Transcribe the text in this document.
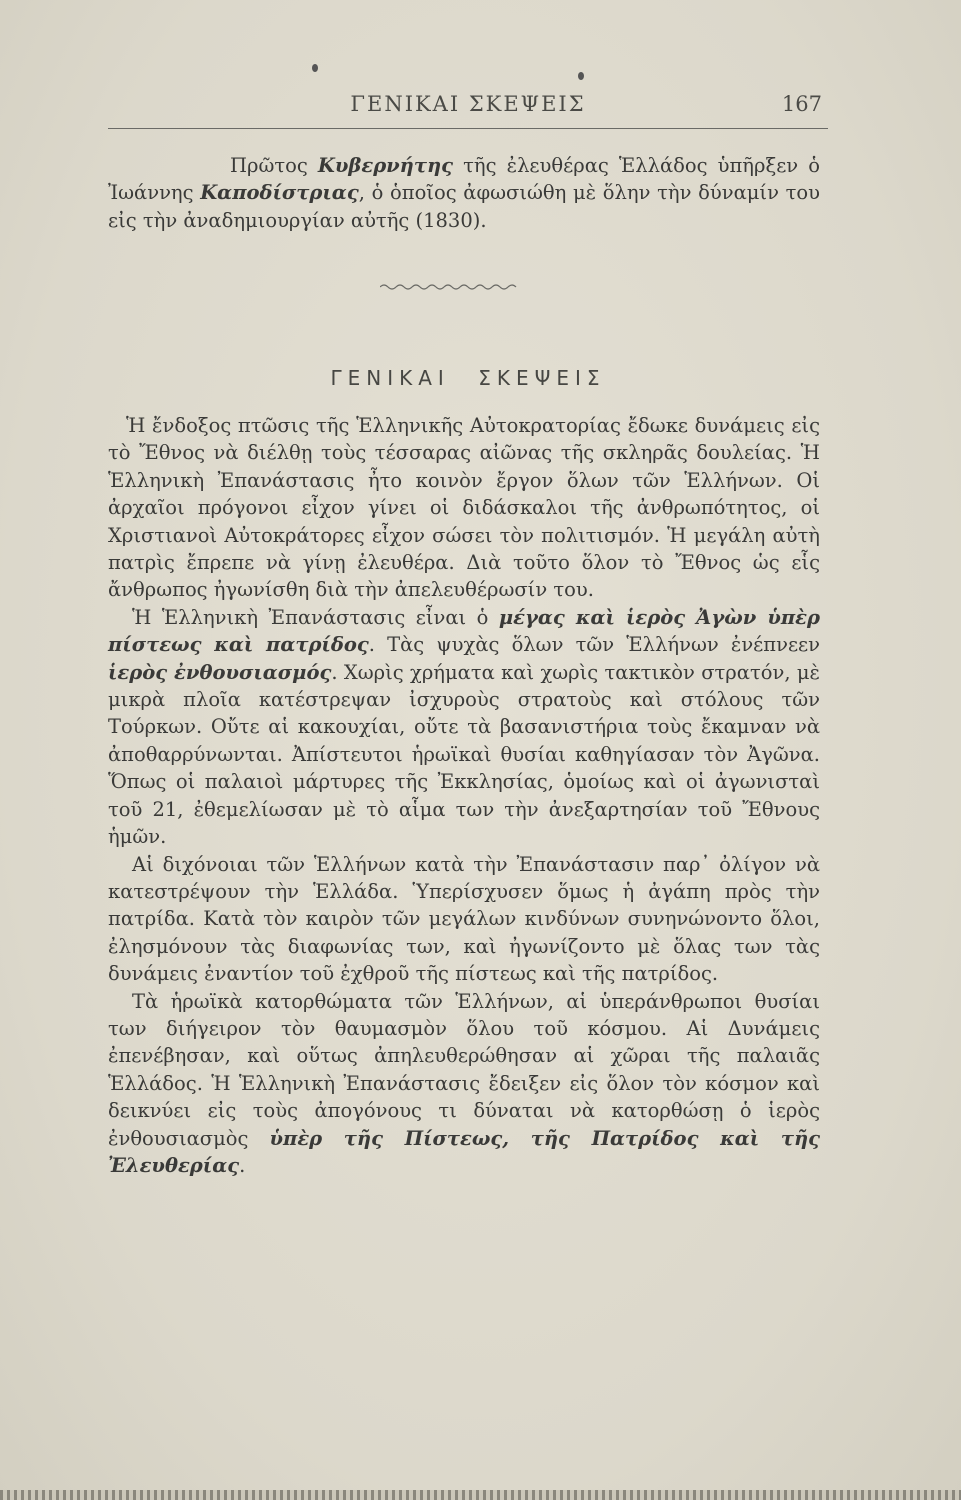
ΓΕΝΙΚΑΙ ΣΚΕΨΕΙΣ	167

Πρῶτος Κυβερνήτης τῆς ἐλευθέρας Ἑλλάδος ὑπῆρξεν ὁ Ἰωάννης Καποδίστριας, ὁ ὁποῖος ἀφωσιώθη μὲ ὅλην τὴν δύναμίν του εἰς τὴν ἀναδημιουργίαν αὐτῆς (1830).

ΓΕΝΙΚΑΙ ΣΚΕΨΕΙΣ

Ἡ ἔνδοξος πτῶσις τῆς Ἑλληνικῆς Αὐτοκρατορίας ἔδωκε δυνάμεις εἰς τὸ Ἔθνος νὰ διέλθῃ τοὺς τέσσαρας αἰῶνας τῆς σκληρᾶς δουλείας. Ἡ Ἑλληνικὴ Ἐπανάστασις ἦτο κοινὸν ἔργον ὅλων τῶν Ἑλλήνων. Οἱ ἀρχαῖοι πρόγονοι εἶχον γίνει οἱ διδάσκαλοι τῆς ἀνθρωπότητος, οἱ Χριστιανοὶ Αὐτοκράτορες εἶχον σώσει τὸν πολιτισμόν. Ἡ μεγάλη αὐτὴ πατρὶς ἔπρεπε νὰ γίνῃ ἐλευθέρα. Διὰ τοῦτο ὅλον τὸ Ἔθνος ὡς εἷς ἄνθρωπος ἠγωνίσθη διὰ τὴν ἀπελευθέρωσίν του.

Ἡ Ἑλληνικὴ Ἐπανάστασις εἶναι ὁ μέγας καὶ ἱερὸς Ἀγὼν ὑπὲρ πίστεως καὶ πατρίδος. Τὰς ψυχὰς ὅλων τῶν Ἑλλήνων ἐνέπνεεν ἱερὸς ἐνθουσιασμός. Χωρὶς χρήματα καὶ χωρὶς τακτικὸν στρατόν, μὲ μικρὰ πλοῖα κατέστρεψαν ἰσχυροὺς στρατοὺς καὶ στόλους τῶν Τούρκων. Οὔτε αἱ κακουχίαι, οὔτε τὰ βασανιστήρια τοὺς ἔκαμναν νὰ ἀποθαρρύνωνται. Ἀπίστευτοι ἡρωϊκαὶ θυσίαι καθηγίασαν τὸν Ἀγῶνα. Ὅπως οἱ παλαιοὶ μάρτυρες τῆς Ἐκκλησίας, ὁμοίως καὶ οἱ ἀγωνισταὶ τοῦ 21, ἐθεμελίωσαν μὲ τὸ αἷμα των τὴν ἀνεξαρτησίαν τοῦ Ἔθνους ἡμῶν.

Αἱ διχόνοιαι τῶν Ἑλλήνων κατὰ τὴν Ἐπανάστασιν παρ᾽ ὀλίγον νὰ κατεστρέψουν τὴν Ἑλλάδα. Ὑπερίσχυσεν ὅμως ἡ ἀγάπη πρὸς τὴν πατρίδα. Κατὰ τὸν καιρὸν τῶν μεγάλων κινδύνων συνηνώνοντο ὅλοι, ἐλησμόνουν τὰς διαφωνίας των, καὶ ἠγωνίζοντο μὲ ὅλας των τὰς δυνάμεις ἐναντίον τοῦ ἐχθροῦ τῆς πίστεως καὶ τῆς πατρίδος.

Τὰ ἡρωϊκὰ κατορθώματα τῶν Ἑλλήνων, αἱ ὑπεράνθρωποι θυσίαι των διήγειρον τὸν θαυμασμὸν ὅλου τοῦ κόσμου. Αἱ Δυνάμεις ἐπενέβησαν, καὶ οὕτως ἀπηλευθερώθησαν αἱ χῶραι τῆς παλαιᾶς Ἑλλάδος. Ἡ Ἑλληνικὴ Ἐπανάστασις ἔδειξεν εἰς ὅλον τὸν κόσμον καὶ δεικνύει εἰς τοὺς ἀπογόνους τι δύναται νὰ κατορθώσῃ ὁ ἱερὸς ἐνθουσιασμὸς ὑπὲρ τῆς Πίστεως, τῆς Πατρίδος καὶ τῆς Ἐλευθερίας.
